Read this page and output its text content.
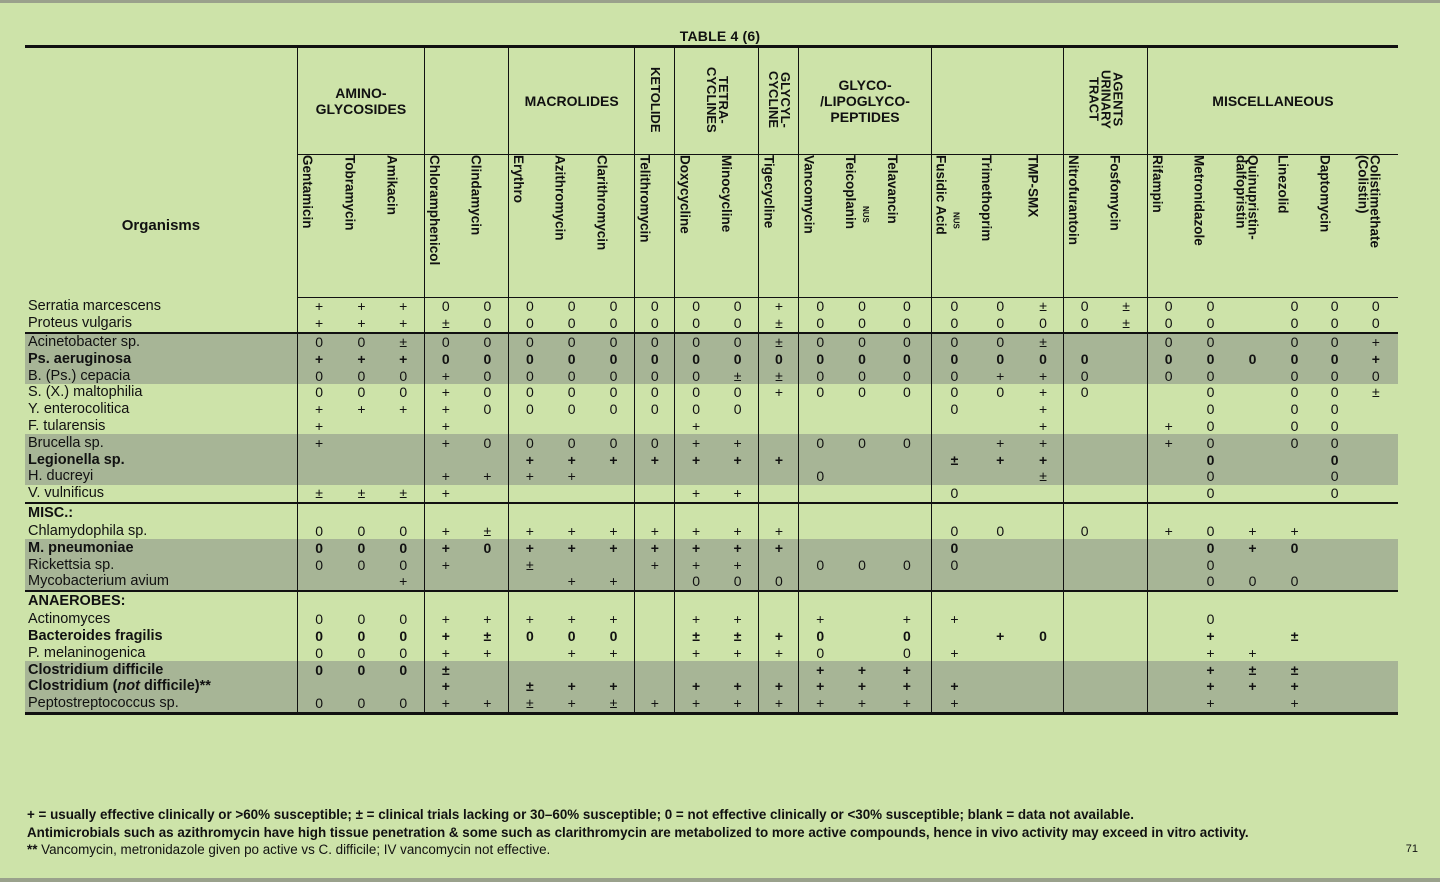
TABLE 4 (6)
Organisms	AMINO-
GLYCOSIDES					MACROLIDES			KETOLIDE	TETRA-
CYCLINES		GLYCYL-
CYCLINE	GLYCO-
/LIPOGLYCO-
PEPTIDES						AGENTS
URINARY
TRACT		MISCELLANEOUS					
	Gentamicin	Tobramycin	Amikacin	Chloramphenicol	Clindamycin	Erythro	Azithromycin	Clarithromycin	Telithromycin	Doxycycline	Minocycline	Tigecycline	Vancomycin	Teicoplanin $^{NUS}$	Telavancin	Fusidic Acid $^{NUS}$	Trimethoprim	TMP-SMX	Nitrofurantoin	Fosfomycin	Rifampin	Metronidazole	Quinupristin-
dalfopristin	Linezolid	Daptomycin	Colistimethate
(Colistin)
Serratia marcescens	+	+	+	0	0	0	0	0	0	0	0	+	0	0	0	0	0	±	0	±	0	0		0	0	0
Proteus vulgaris	+	+	+	±	0	0	0	0	0	0	0	±	0	0	0	0	0	0	0	±	0	0		0	0	0
Acinetobacter sp.	0	0	±	0	0	0	0	0	0	0	0	±	0	0	0	0	0	±			0	0		0	0	+
Ps. aeruginosa	+	+	+	0	0	0	0	0	0	0	0	0	0	0	0	0	0	0	0		0	0	0	0	0	+
B. (Ps.) cepacia	0	0	0	+	0	0	0	0	0	0	±	±	0	0	0	0	+	+	0		0	0		0	0	0
S. (X.) maltophilia	0	0	0	+	0	0	0	0	0	0	0	+	0	0	0	0	0	+	0			0		0	0	±
Y. enterocolitica	+	+	+	+	0	0	0	0	0	0	0					0		+				0		0	0	
F. tularensis	+			+						+								+			+	0		0	0	
Brucella sp.	+			+	0	0	0	0	0	+	+		0	0	0		+	+			+	0		0	0	
Legionella sp.						+	+	+	+	+	+	+				±	+	+				0			0	
H. ducreyi				+	+	+	+						0					±				0			0	
V. vulnificus	±	±	±	+						+	+					0						0			0	
MISC.:																										
Chlamydophila sp.	0	0	0	+	±	+	+	+	+	+	+	+				0	0		0		+	0	+	+		
M. pneumoniae	0	0	0	+	0	+	+	+	+	+	+	+				0						0	+	0		
Rickettsia sp.	0	0	0	+		±			+	+	+		0	0	0	0						0				
Mycobacterium avium			+				+	+		0	0	0										0	0	0		
ANAEROBES:																										
Actinomyces	0	0	0	+	+	+	+	+		+	+		+		+	+						0				
Bacteroides fragilis	0	0	0	+	±	0	0	0		±	±	+	0		0		+	0				+		±		
P. melaninogenica	0	0	0	+	+		+	+		+	+	+	0		0	+						+	+			
Clostridium difficile	0	0	0	±									+	+	+							+	±	±		
Clostridium (not difficile)**				+		±	+	+		+	+	+	+	+	+	+						+	+	+		
Peptostreptococcus sp.	0	0	0	+	+	±	+	±	+	+	+	+	+	+	+	+						+		+		
+ = usually effective clinically or >60% susceptible; ± = clinical trials lacking or 30–60% susceptible; 0 = not effective clinically or <30% susceptible; blank = data not available.
Antimicrobials such as azithromycin have high tissue penetration & some such as clarithromycin are metabolized to more active compounds, hence in vivo activity may exceed in vitro activity.
** Vancomycin, metronidazole given po active vs C. difficile; IV vancomycin not effective.	71
